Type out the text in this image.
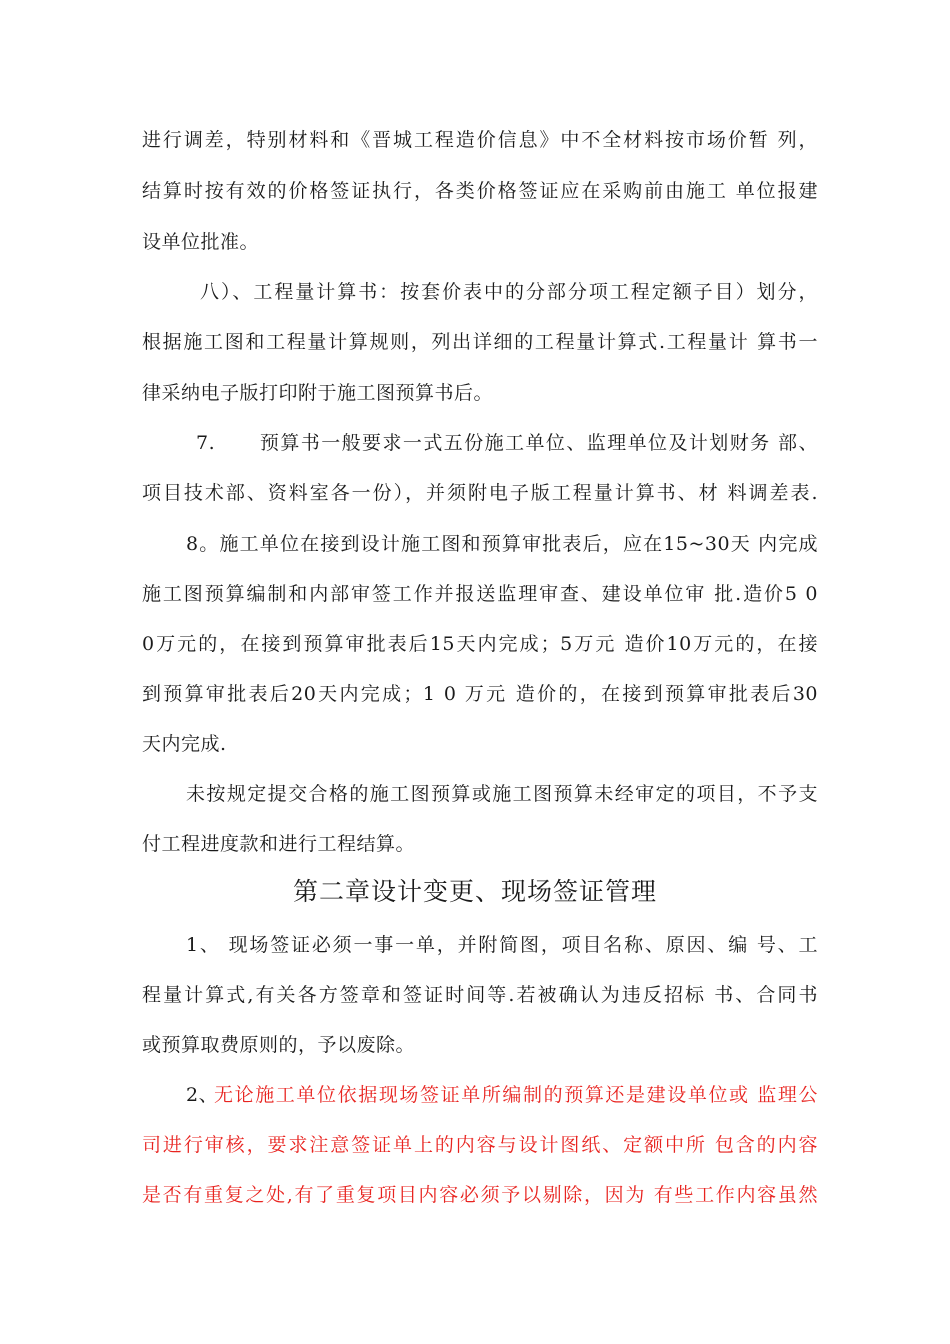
进行调差，特别材料和《晋城工程造价信息》中不全材料按市场价暂 列，
结算时按有效的价格签证执行，各类价格签证应在采购前由施工 单位报建
设单位批准。
八）、工程量计算书：按套价表中的分部分项工程定额子目）划分，
根据施工图和工程量计算规则，列出详细的工程量计算式.工程量计 算书一
律采纳电子版打印附于施工图预算书后。
7.      预算书一般要求一式五份施工单位、监理单位及计划财务 部、
项目技术部、资料室各一份），并须附电子版工程量计算书、材 料调差表.
8。施工单位在接到设计施工图和预算审批表后，应在15~30天 内完成
施工图预算编制和内部审签工作并报送监理审查、建设单位审 批.造价5 0
0万元的，在接到预算审批表后15天内完成；5万元 造价10万元的，在接
到预算审批表后20天内完成；1 0 万元 造价的，在接到预算审批表后30
天内完成.
未按规定提交合格的施工图预算或施工图预算未经审定的项目，不予支
付工程进度款和进行工程结算。
第二章设计变更、现场签证管理
1、 现场签证必须一事一单，并附简图，项目名称、原因、编 号、工
程量计算式,有关各方签章和签证时间等.若被确认为违反招标 书、合同书
或预算取费原则的，予以废除。
2、
无论施工单位依据现场签证单所编制的预算还是建设单位或 监理公
司进行审核，要求注意签证单上的内容与设计图纸、定额中所 包含的内容
是否有重复之处,有了重复项目内容必须予以剔除，因为 有些工作内容虽然
